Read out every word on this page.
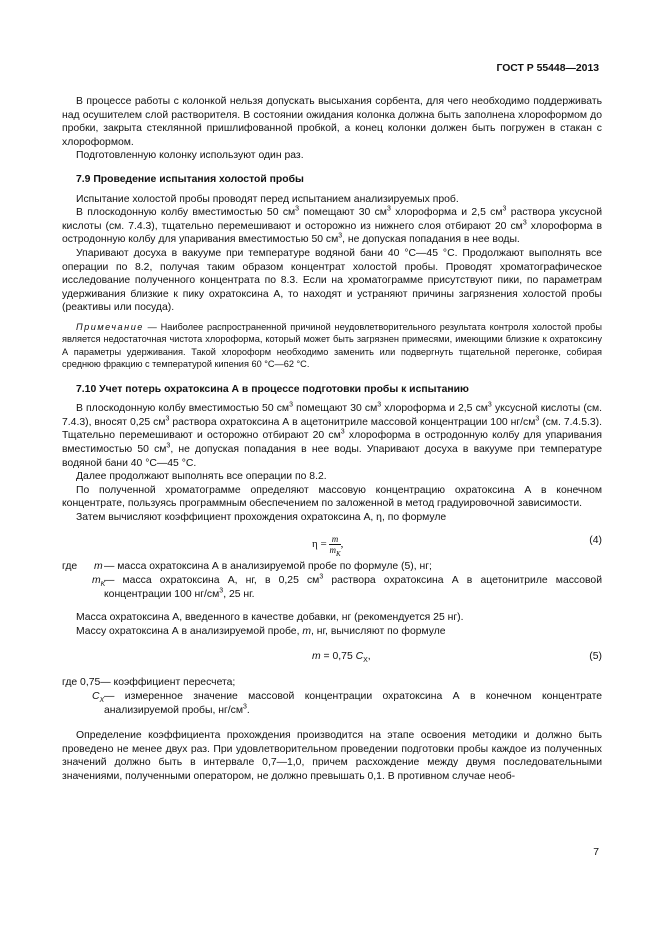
ГОСТ Р 55448—2013

В процессе работы с колонкой нельзя допускать высыхания сорбента, для чего необходимо поддерживать над осушителем слой растворителя. В состоянии ожидания колонка должна быть заполнена хлороформом до пробки, закрыта стеклянной пришлифованной пробкой, а конец колонки должен быть погружен в стакан с хлороформом.

Подготовленную колонку используют один раз.

7.9 Проведение испытания холостой пробы

Испытание холостой пробы проводят перед испытанием анализируемых проб.

В плоскодонную колбу вместимостью 50 $см^3$ помещают 30 $см^3$ хлороформа и 2,5 $см^3$ раствора уксусной кислоты (см. 7.4.3), тщательно перемешивают и осторожно из нижнего слоя отбирают 20 $см^3$ хлороформа в остродонную колбу для упаривания вместимостью 50 $см^3$, не допуская попадания в нее воды.

Упаривают досуха в вакууме при температуре водяной бани 40 °С—45 °С. Продолжают выполнять все операции по 8.2, получая таким образом концентрат холостой пробы. Проводят хроматографическое исследование полученного концентрата по 8.3. Если на хроматограмме присутствуют пики, по параметрам удерживания близкие к пику охратоксина А, то находят и устраняют причины загрязнения холостой пробы (реактивы или посуда).

Примечание — Наиболее распространенной причиной неудовлетворительного результата контроля холостой пробы является недостаточная чистота хлороформа, который может быть загрязнен примесями, имеющими близкие к охратоксину А параметры удерживания. Такой хлороформ необходимо заменить или подвергнуть тщательной перегонке, собирая среднюю фракцию с температурой кипения 60 °С—62 °С.

7.10 Учет потерь охратоксина А в процессе подготовки пробы к испытанию

В плоскодонную колбу вместимостью 50 $см^3$ помещают 30 $см^3$ хлороформа и 2,5 $см^3$ уксусной кислоты (см. 7.4.3), вносят 0,25 $см^3$ раствора охратоксина А в ацетонитриле массовой концентрации 100 $нг/см^3$ (см. 7.4.5.3). Тщательно перемешивают и осторожно отбирают 20 $см^3$ хлороформа в остродонную колбу для упаривания вместимостью 50 $см^3$, не допуская попадания в нее воды. Упаривают досуха в вакууме при температуре водяной бани 40 °С—45 °С.

Далее продолжают выполнять все операции по 8.2.

По полученной хроматограмме определяют массовую концентрацию охратоксина А в конечном концентрате, пользуясь программным обеспечением по заложенной в метод градуировочной зависимости.

Затем вычисляют коэффициент прохождения охратоксина А, η, по формуле

$\eta = \frac{m}{m_K}$ ,	(4)
где	m — масса охратоксина А в анализируемой пробе по формуле (5), нг;
$m_K$
— масса охратоксина А, нг, в 0,25 $см^3$ раствора охратоксина А в ацетонитриле массовой концентрации 100 $нг/см^3$, 25 нг.

Масса охратоксина А, введенного в качестве добавки, нг (рекомендуется 25 нг).

Массу охратоксина А в анализируемой пробе, m, нг, вычисляют по формуле

m = 0,75 $C_X$,	(5)
где 0,75 — коэффициент пересчета;
$C_X$ — измеренное значение массовой концентрации охратоксина А в конечном концентрате анализируемой пробы, $нг/см^3$.

Определение коэффициента прохождения производится на этапе освоения методики и должно быть проведено не менее двух раз. При удовлетворительном проведении подготовки пробы каждое из полученных значений должно быть в интервале 0,7—1,0, причем расхождение между двумя последовательными значениями, полученными оператором, не должно превышать 0,1. В противном случае необ-

7
